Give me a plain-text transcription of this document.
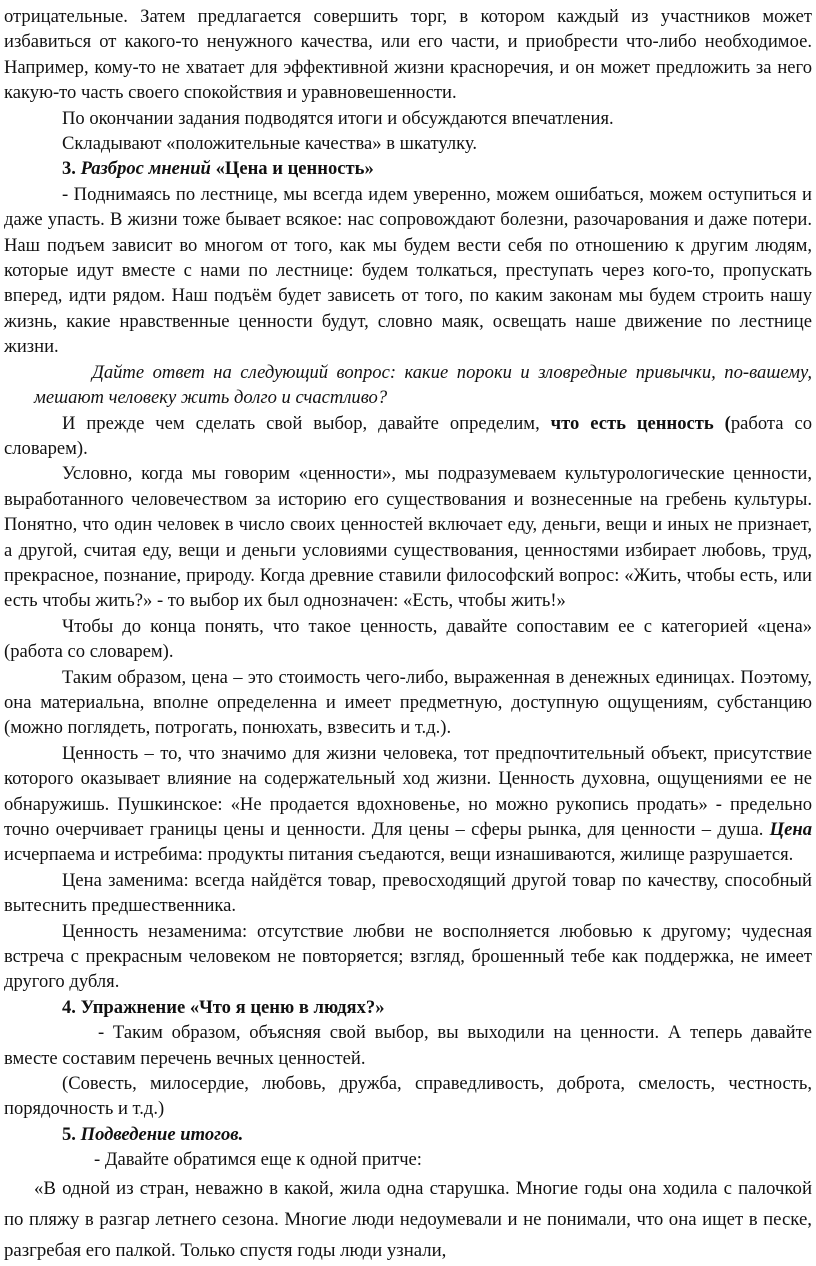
отрицательные. Затем предлагается совершить торг, в котором каждый из участников может избавиться от какого-то ненужного качества, или его части, и приобрести что-либо необходимое. Например, кому-то не хватает для эффективной жизни красноречия, и он может предложить за него какую-то часть своего спокойствия и уравновешенности.

По окончании задания подводятся итоги и обсуждаются впечатления.

Складывают «положительные качества» в шкатулку.

3. Разброс мнений «Цена и ценность»

- Поднимаясь по лестнице, мы всегда идем уверенно, можем ошибаться, можем оступиться и даже упасть. В жизни тоже бывает всякое: нас сопровождают болезни, разочарования и даже потери. Наш подъем зависит во многом от того, как мы будем вести себя по отношению к другим людям, которые идут вместе с нами по лестнице: будем толкаться, преступать через кого-то, пропускать вперед, идти рядом. Наш подъём будет зависеть от того, по каким законам мы будем строить нашу жизнь, какие нравственные ценности будут, словно маяк, освещать наше движение по лестнице жизни.

Дайте ответ на следующий вопрос: какие пороки и зловредные привычки, по-вашему, мешают человеку жить долго и счастливо?

И прежде чем сделать свой выбор, давайте определим, что есть ценность (работа со словарем).

Условно, когда мы говорим «ценности», мы подразумеваем культурологические ценности, выработанного человечеством за историю его существования и вознесенные на гребень культуры. Понятно, что один человек в число своих ценностей включает еду, деньги, вещи и иных не признает, а другой, считая еду, вещи и деньги условиями существования, ценностями избирает любовь, труд, прекрасное, познание, природу. Когда древние ставили философский вопрос: «Жить, чтобы есть, или есть чтобы жить?» - то выбор их был однозначен: «Есть, чтобы жить!»

Чтобы до конца понять, что такое ценность, давайте сопоставим ее с категорией «цена» (работа со словарем).

Таким образом, цена – это стоимость чего-либо, выраженная в денежных единицах. Поэтому, она материальна, вполне определенна и имеет предметную, доступную ощущениям, субстанцию (можно поглядеть, потрогать, понюхать, взвесить и т.д.).

Ценность – то, что значимо для жизни человека, тот предпочтительный объект, присутствие которого оказывает влияние на содержательный ход жизни. Ценность духовна, ощущениями ее не обнаружишь. Пушкинское: «Не продается вдохновенье, но можно рукопись продать» - предельно точно очерчивает границы цены и ценности. Для цены – сферы рынка, для ценности – душа. Цена исчерпаема и истребима: продукты питания съедаются, вещи изнашиваются, жилище разрушается.

Цена заменима: всегда найдётся товар, превосходящий другой товар по качеству, способный вытеснить предшественника.

Ценность незаменима: отсутствие любви не восполняется любовью к другому; чудесная встреча с прекрасным человеком не повторяется; взгляд, брошенный тебе как поддержка, не имеет другого дубля.

4. Упражнение «Что я ценю в людях?»

- Таким образом, объясняя свой выбор, вы выходили на ценности. А теперь давайте вместе составим перечень вечных ценностей.

(Совесть, милосердие, любовь, дружба, справедливость, доброта, смелость, честность, порядочность и т.д.)

5. Подведение итогов.

- Давайте обратимся еще к одной притче:

«В одной из стран, неважно в какой, жила одна старушка. Многие годы она ходила с палочкой по пляжу в разгар летнего сезона. Многие люди недоумевали и не понимали, что она ищет в песке, разгребая его палкой. Только спустя годы люди узнали,
